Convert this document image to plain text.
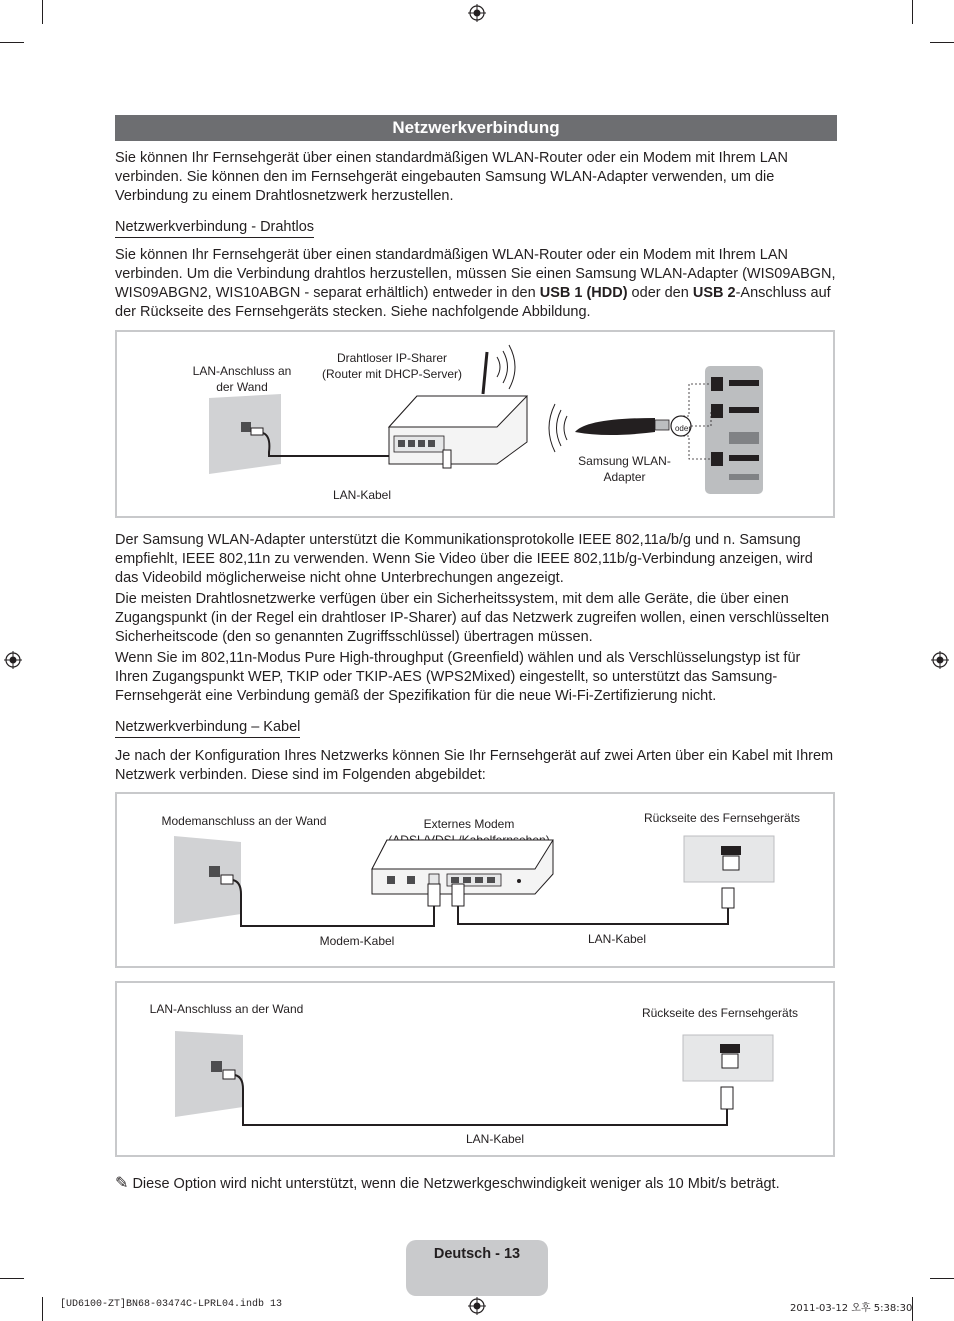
Netzwerkverbindung
Sie können Ihr Fernsehgerät über einen standardmäßigen WLAN-Router oder ein Modem mit Ihrem LAN verbinden. Sie können den im Fernsehgerät eingebauten Samsung WLAN-Adapter verwenden, um die Verbindung zu einem Drahtlosnetzwerk herzustellen.
Netzwerkverbindung - Drahtlos
Sie können Ihr Fernsehgerät über einen standardmäßigen WLAN-Router oder ein Modem mit Ihrem LAN verbinden. Um die Verbindung drahtlos herzustellen, müssen Sie einen Samsung WLAN-Adapter (WIS09ABGN, WIS09ABGN2, WIS10ABGN - separat erhältlich) entweder in den USB 1 (HDD) oder den USB 2-Anschluss auf der Rückseite des Fernsehgeräts stecken. Siehe nachfolgende Abbildung.
LAN-Anschluss an der Wand
Drahtloser IP-Sharer (Router mit DHCP-Server)
LAN-Kabel
Samsung WLAN-Adapter
oder
Der Samsung WLAN-Adapter unterstützt die Kommunikationsprotokolle IEEE 802,11a/b/g und n. Samsung empfiehlt, IEEE 802,11n zu verwenden. Wenn Sie Video über die IEEE 802,11b/g-Verbindung anzeigen, wird das Videobild möglicherweise nicht ohne Unterbrechungen angezeigt.
Die meisten Drahtlosnetzwerke verfügen über ein Sicherheitssystem, mit dem alle Geräte, die über einen Zugangspunkt (in der Regel ein drahtloser IP-Sharer) auf das Netzwerk zugreifen wollen, einen verschlüsselten Sicherheitscode (den so genannten Zugriffsschlüssel) übertragen müssen.
Wenn Sie im 802,11n-Modus Pure High-throughput (Greenfield) wählen und als Verschlüsselungstyp ist für Ihren Zugangspunkt WEP, TKIP oder TKIP-AES (WPS2Mixed) eingestellt, so unterstützt das Samsung-Fernsehgerät eine Verbindung gemäß der Spezifikation für die neue Wi-Fi-Zertifizierung nicht.
Netzwerkverbindung – Kabel
Je nach der Konfiguration Ihres Netzwerks können Sie Ihr Fernsehgerät auf zwei Arten über ein Kabel mit Ihrem Netzwerk verbinden. Diese sind im Folgenden abgebildet:
Modemanschluss an der Wand	Externes Modem	Rückseite des Fernsehgeräts
Modem-Kabel	LAN-Kabel
LAN-Anschluss an der Wand	Rückseite des Fernsehgeräts
LAN-Kabel
✎ Diese Option wird nicht unterstützt, wenn die Netzwerkgeschwindigkeit weniger als 10 Mbit/s beträgt.
Deutsch - 13
[UD6100-ZT]BN68-03474C-LPRL04.indb 13	2011-03-12 오후 5:38:30
